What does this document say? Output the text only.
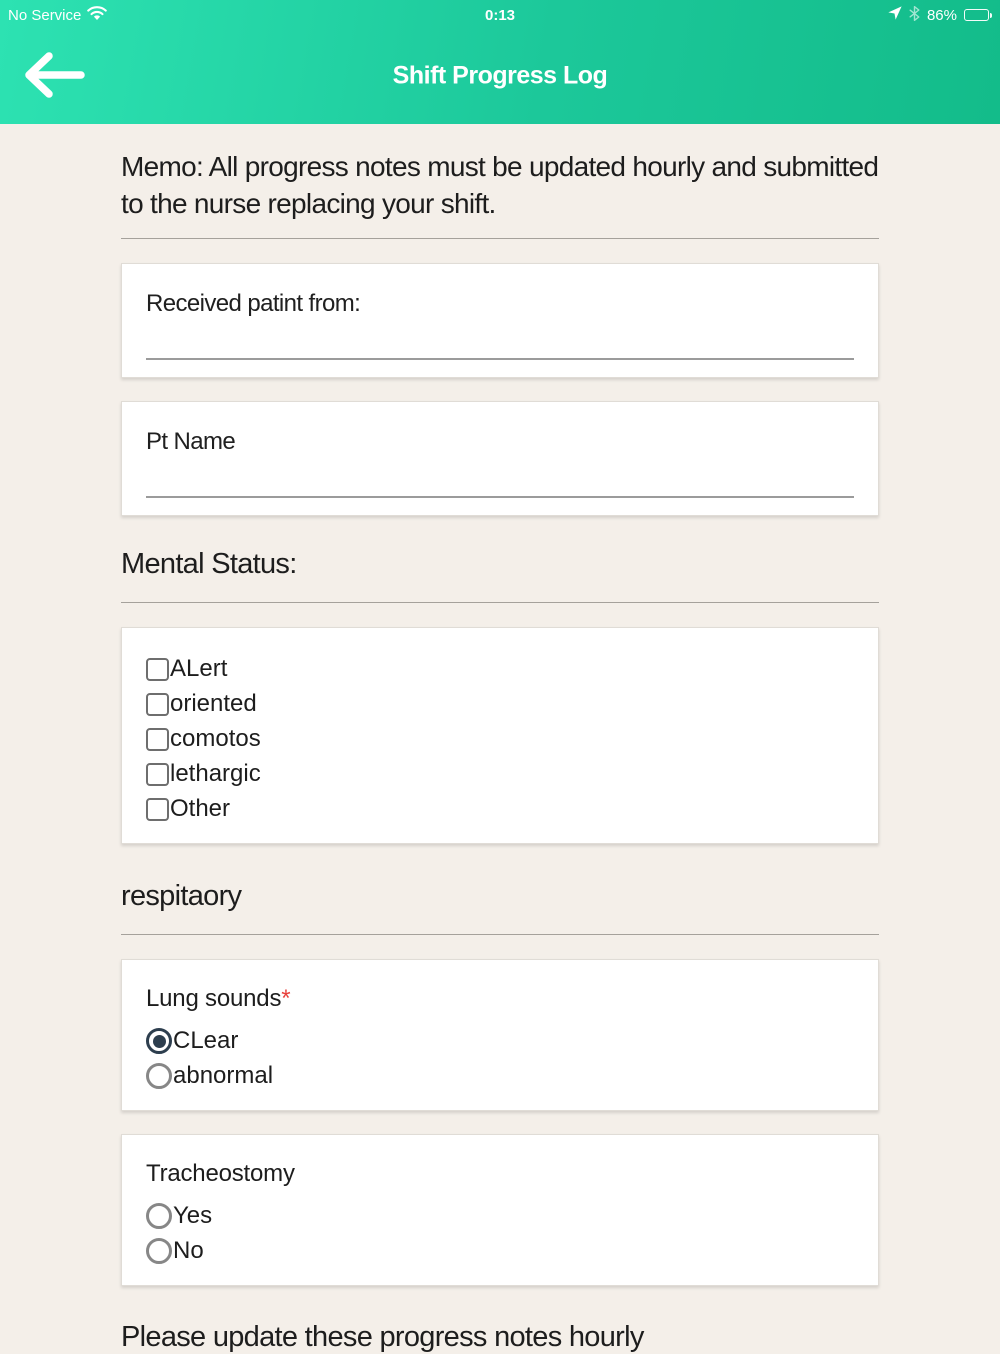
No Service	0:13	86%
Shift Progress Log

Memo: All progress notes must be updated hourly and submitted to the nurse replacing your shift.

Received patint from:
Pt Name
Mental Status:
ALert
oriented
comotos
lethargic
Other
respitaory
Lung sounds*
CLear
abnormal
Tracheostomy
Yes
No

Please update these progress notes hourly
